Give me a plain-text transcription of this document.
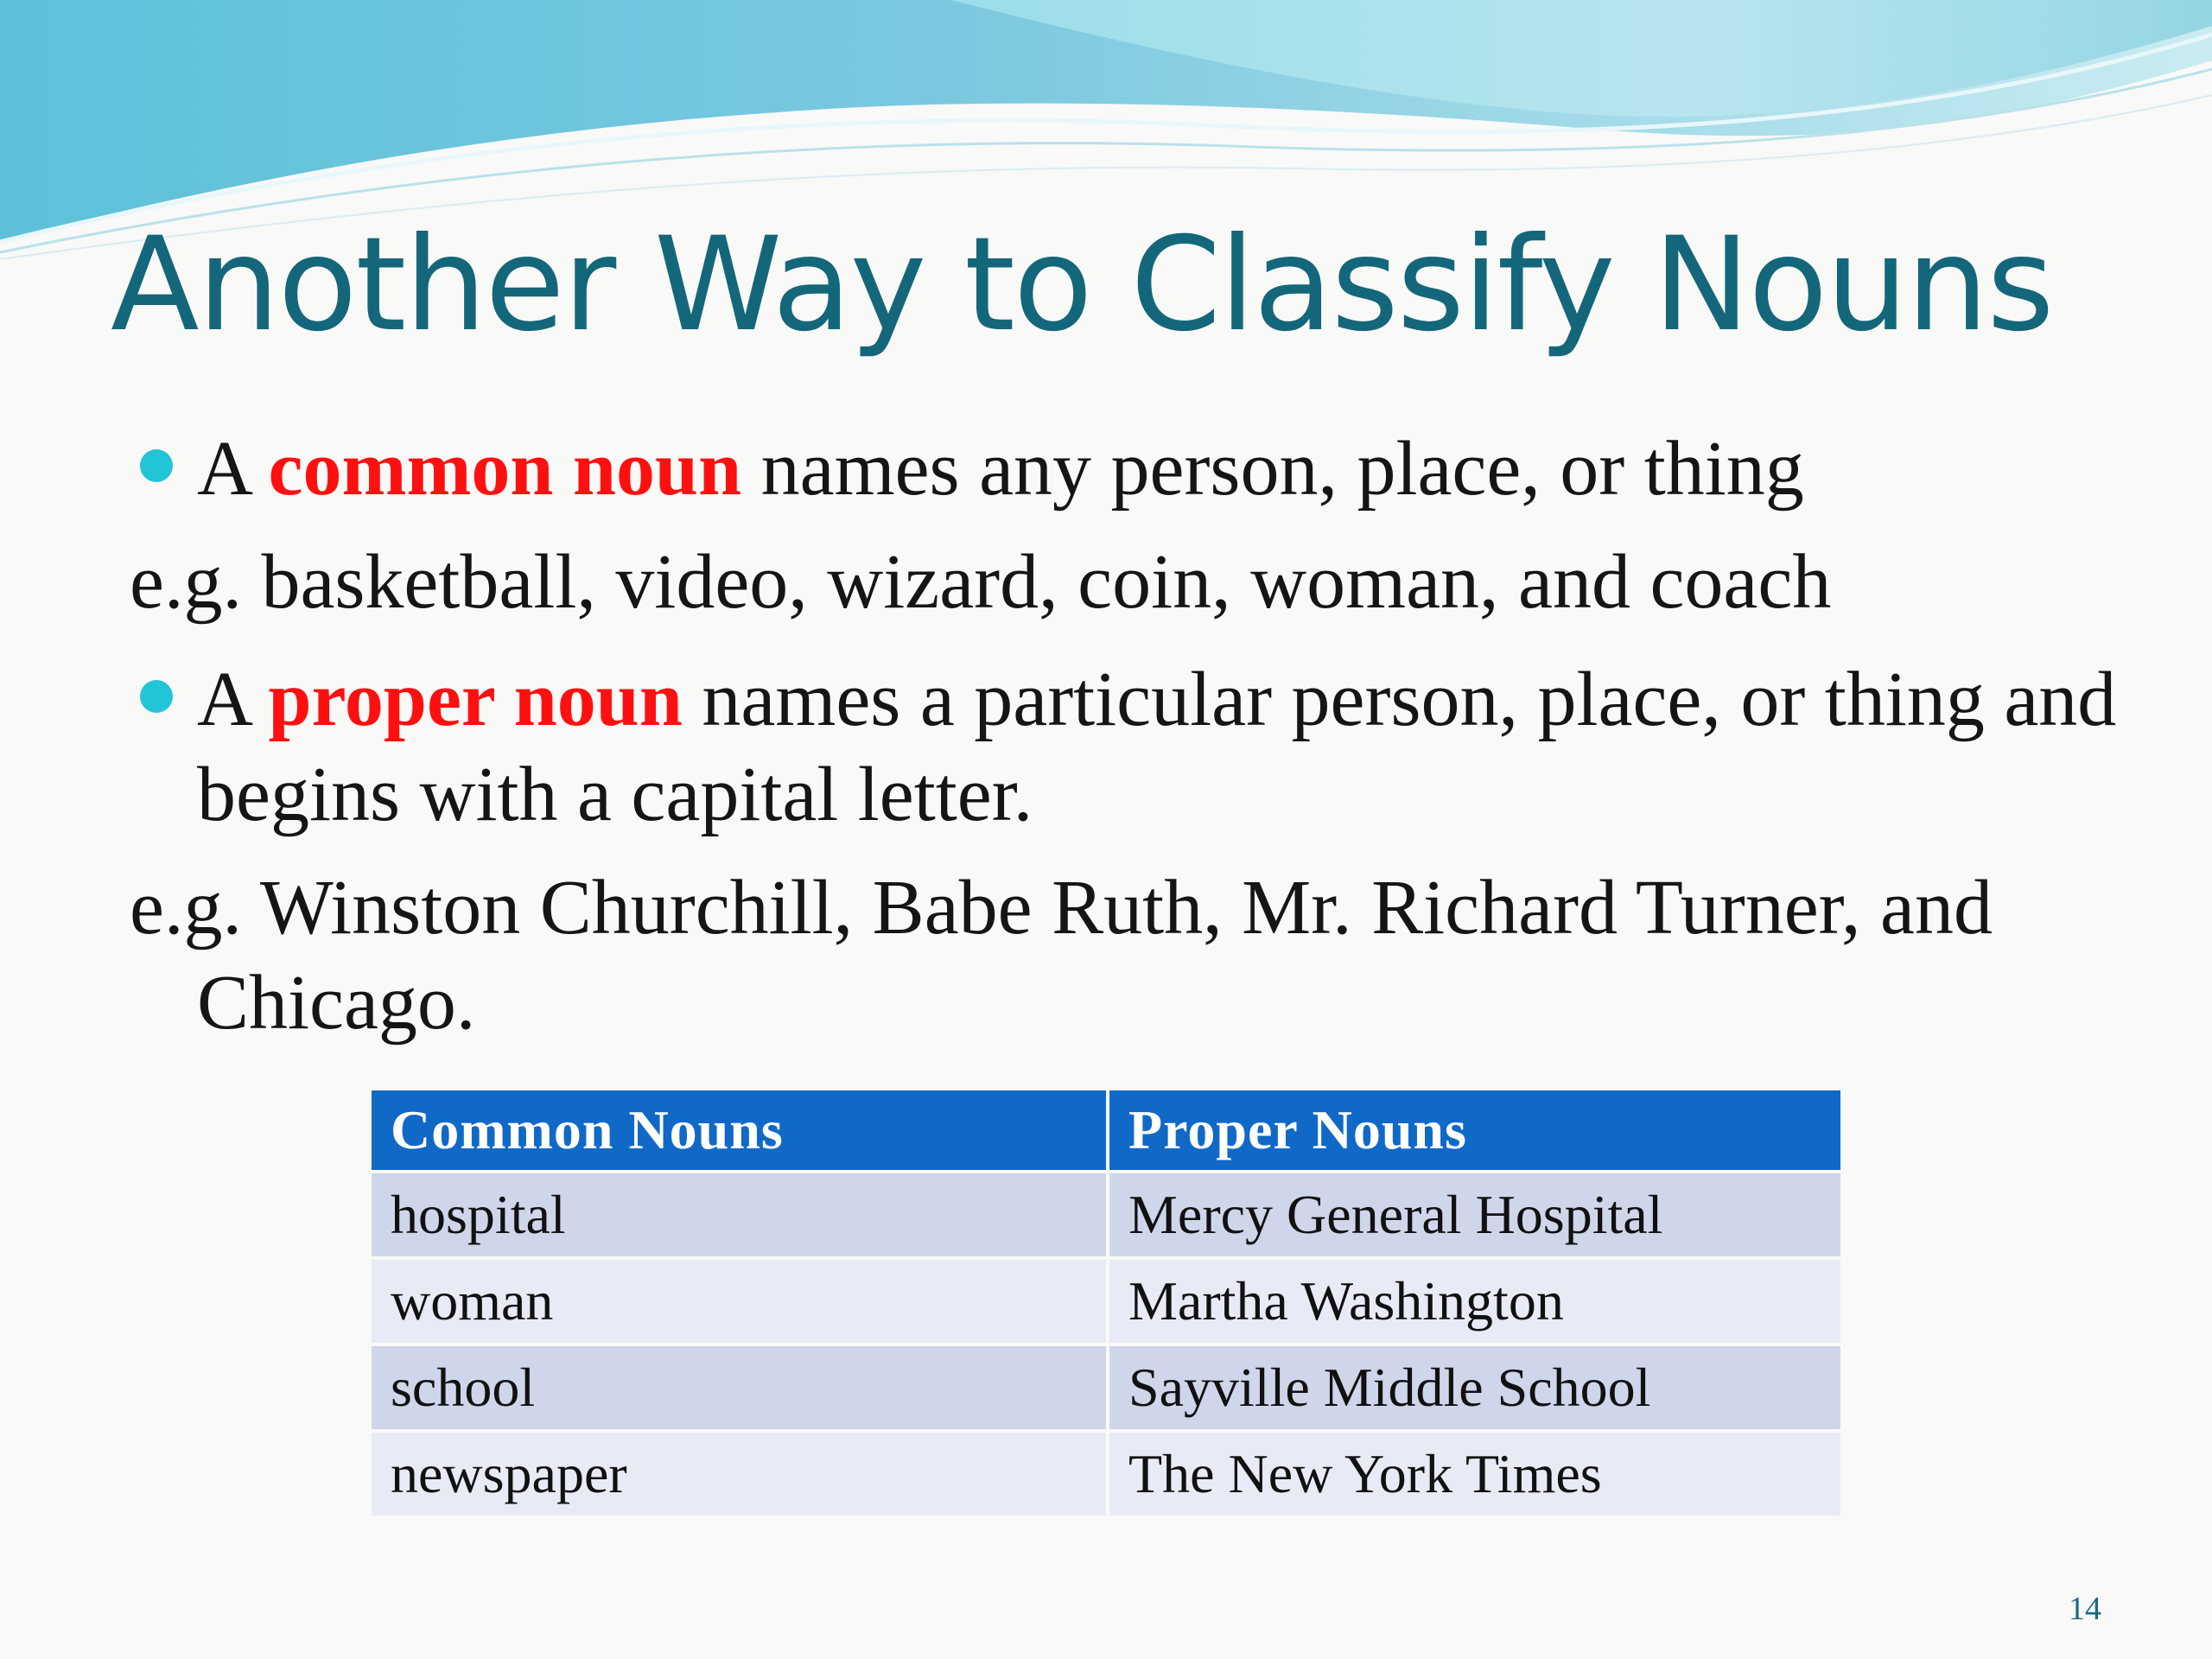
Another Way to Classify Nouns
A common noun names any person, place, or thing
e.g. basketball, video, wizard, coin, woman, and coach
A proper noun names a particular person, place, or thing and begins with a capital letter.
e.g. Winston Churchill, Babe Ruth, Mr. Richard Turner, and Chicago.
Common Nouns	Proper Nouns
hospital	Mercy General Hospital
woman	Martha Washington
school	Sayville Middle School
newspaper	The New York Times
14
